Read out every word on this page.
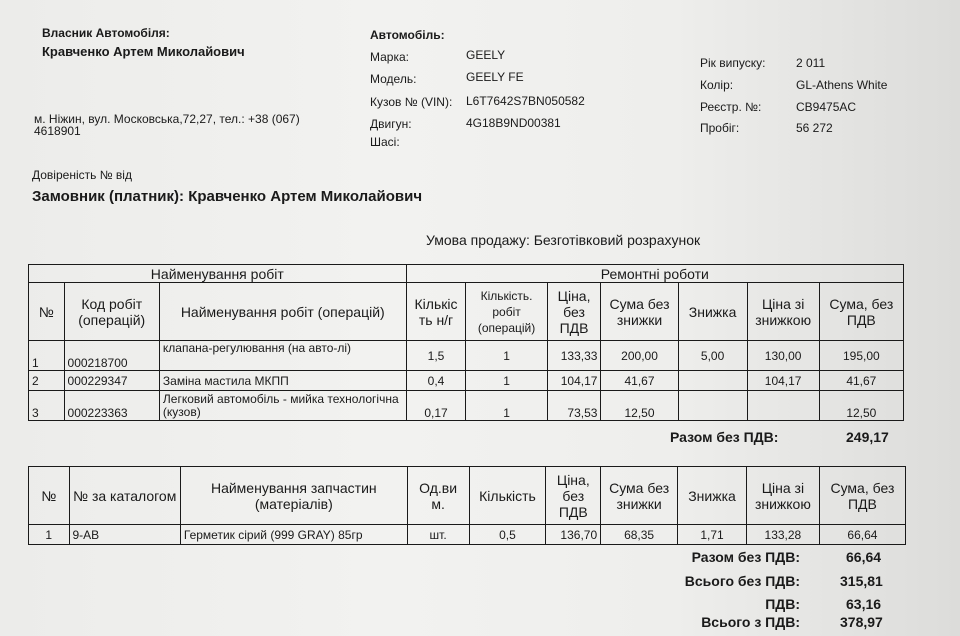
Власник Автомобіля:
Кравченко Артем Миколайович
м. Ніжин, вул. Московська,72,27, тел.: +38 (067)
4618901
Автомобіль:
Марка:	GEELY
Модель:	GEELY FE
Кузов № (VIN): L6T7642S7BN050582
Двигун:	4G18B9ND00381
Шасі:
Рік випуску:	2 011
Колір:	GL-Athens White
Реєстр. №:	CB9475AC
Пробіг:	56 272
Довіреність № від
Замовник (платник): Кравченко Артем Миколайович
Умова продажу: Безготівковий розрахунок
Найменування робіт			Ремонтні роботи						
№	Код робіт (операцій)	Найменування робіт (операцій)	Кількіс ть н/г	Кількість. робіт (операцій)	Ціна, без ПДВ	Сума без знижки	Знижка	Ціна зі знижкою	Сума, без ПДВ
1	000218700	клапана-регулювання (на авто-лі)	1,5	1	133,33	200,00	5,00	130,00	195,00
2	000229347	Заміна мастила МКПП	0,4	1	104,17	41,67		104,17	41,67
3	000223363	Легковий автомобіль - мийка технологічна (кузов)	0,17	1	73,53	12,50			12,50
Разом без ПДВ:	249,17
№	№ за каталогом	Найменування запчастин (матеріалів)	Од.ви м.	Кількість	Ціна, без ПДВ	Сума без знижки	Знижка	Ціна зі знижкою	Сума, без ПДВ
1	9-АВ	Герметик сірий (999 GRAY) 85гр	шт.	0,5	136,70	68,35	1,71	133,28	66,64
Разом без ПДВ:	66,64
Всього без ПДВ:	315,81
ПДВ:	63,16
Всього з ПДВ:	378,97
